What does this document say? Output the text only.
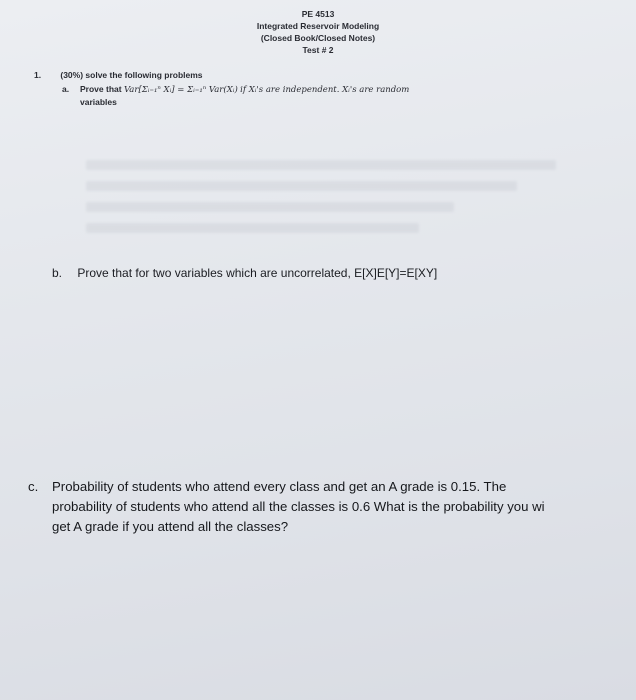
PE 4513
Integrated Reservoir Modeling
(Closed Book/Closed Notes)
Test # 2
1. (30%) solve the following problems
a. Prove that Var[Σᵢ₌₁ⁿ Xᵢ] = Σᵢ₌₁ⁿ Var(Xᵢ) if Xᵢ's are independent. Xᵢ's are random
variables
b. Prove that for two variables which are uncorrelated, E[X]E[Y]=E[XY]
c. Probability of students who attend every class and get an A grade is 0.15. The
probability of students who attend all the classes is 0.6 What is the probability you wi
get A grade if you attend all the classes?
